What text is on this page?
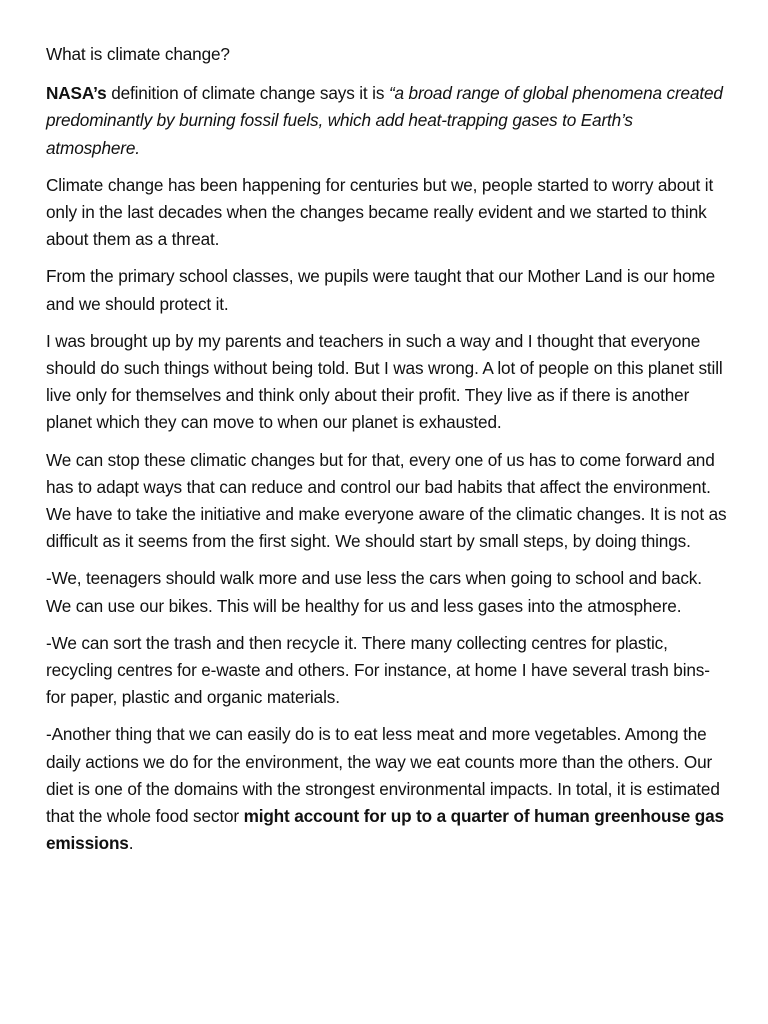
What is climate change?

NASA’s definition of climate change says it is “a broad range of global phenomena created predominantly by burning fossil fuels, which add heat-trapping gases to Earth’s atmosphere.

Climate change has been happening for centuries but we, people started to worry about it only in the last decades when the changes became really evident and we started to think about them as a threat.

From the primary school classes, we pupils were taught that our Mother Land is our home and we should protect it.

I was brought up by my parents and teachers in such a way and I thought that everyone should do such things without being told. But I was wrong. A lot of people on this planet still live only for themselves and think only about their profit. They live as if there is another planet which they can move to when our planet is exhausted.

We can stop these climatic changes but for that, every one of us has to come forward and has to adapt ways that can reduce and control our bad habits that affect the environment. We have to take the initiative and make everyone aware of the climatic changes. It is not as difficult as it seems from the first sight. We should start by small steps, by doing things.

-We, teenagers should walk more and use less the cars when going to school and back. We can use our bikes. This will be healthy for us and less gases into the atmosphere.

-We can sort the trash and then recycle it. There many collecting centres for plastic, recycling centres for e-waste and others. For instance, at home I have several trash bins- for paper, plastic and organic materials.

-Another thing that we can easily do is to eat less meat and more vegetables. Among the daily actions we do for the environment, the way we eat counts more than the others. Our diet is one of the domains with the strongest environmental impacts. In total, it is estimated that the whole food sector might account for up to a quarter of human greenhouse gas emissions.
